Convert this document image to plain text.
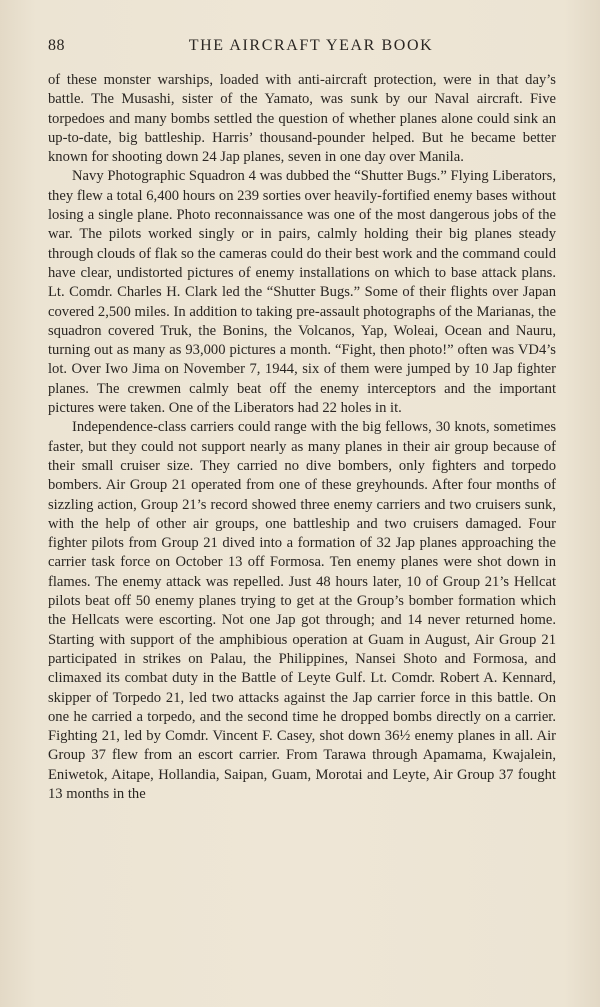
88	THE AIRCRAFT YEAR BOOK

of these monster warships, loaded with anti-aircraft protection, were in that day’s battle. The Musashi, sister of the Yamato, was sunk by our Naval aircraft. Five torpedoes and many bombs settled the question of whether planes alone could sink an up-to-date, big battleship. Harris’ thousand-pounder helped. But he became better known for shooting down 24 Jap planes, seven in one day over Manila.

Navy Photographic Squadron 4 was dubbed the “Shutter Bugs.” Flying Liberators, they flew a total 6,400 hours on 239 sorties over heavily-fortified enemy bases without losing a single plane. Photo reconnaissance was one of the most dangerous jobs of the war. The pilots worked singly or in pairs, calmly holding their big planes steady through clouds of flak so the cameras could do their best work and the command could have clear, undistorted pictures of enemy installations on which to base attack plans. Lt. Comdr. Charles H. Clark led the “Shutter Bugs.” Some of their flights over Japan covered 2,500 miles. In addition to taking pre-assault photographs of the Marianas, the squadron covered Truk, the Bonins, the Volcanos, Yap, Woleai, Ocean and Nauru, turning out as many as 93,000 pictures a month. “Fight, then photo!” often was VD4’s lot. Over Iwo Jima on November 7, 1944, six of them were jumped by 10 Jap fighter planes. The crewmen calmly beat off the enemy interceptors and the important pictures were taken. One of the Liberators had 22 holes in it.

Independence-class carriers could range with the big fellows, 30 knots, sometimes faster, but they could not support nearly as many planes in their air group because of their small cruiser size. They carried no dive bombers, only fighters and torpedo bombers. Air Group 21 operated from one of these greyhounds. After four months of sizzling action, Group 21’s record showed three enemy carriers and two cruisers sunk, with the help of other air groups, one battleship and two cruisers damaged. Four fighter pilots from Group 21 dived into a formation of 32 Jap planes approaching the carrier task force on October 13 off Formosa. Ten enemy planes were shot down in flames. The enemy attack was repelled. Just 48 hours later, 10 of Group 21’s Hellcat pilots beat off 50 enemy planes trying to get at the Group’s bomber formation which the Hellcats were escorting. Not one Jap got through; and 14 never returned home. Starting with support of the amphibious operation at Guam in August, Air Group 21 participated in strikes on Palau, the Philippines, Nansei Shoto and Formosa, and climaxed its combat duty in the Battle of Leyte Gulf. Lt. Comdr. Robert A. Kennard, skipper of Torpedo 21, led two attacks against the Jap carrier force in this battle. On one he carried a torpedo, and the second time he dropped bombs directly on a carrier. Fighting 21, led by Comdr. Vincent F. Casey, shot down 36½ enemy planes in all. Air Group 37 flew from an escort carrier. From Tarawa through Apamama, Kwajalein, Eniwetok, Aitape, Hollandia, Saipan, Guam, Morotai and Leyte, Air Group 37 fought 13 months in the
